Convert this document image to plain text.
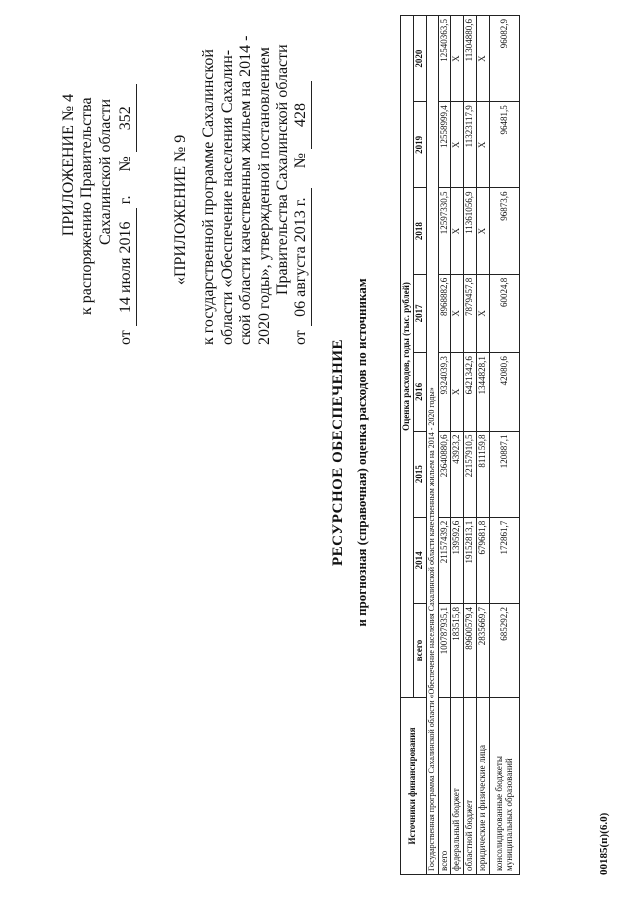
ПРИЛОЖЕНИЕ № 4 к распоряжению Правительства Сахалинской области
от 14 июля 2016 г.      № 352
«ПРИЛОЖЕНИЕ № 9 к государственной программе Сахалинской области «Обеспечение населения Сахалин- ской области качественным жильем на 2014 - 2020 годы», утвержденной постановлением Правительства Сахалинской области
от 06 августа 2013 г.     № 428
РЕСУРСНОЕ ОБЕСПЕЧЕНИЕ и прогнозная (справочная) оценка расходов по источникам
Источники финансирования	Оценка расходов, годы (тыс. рублей)							
	всего	2014	2015	2016	2017	2018	2019	2020
Государственная программа Сахалинской области «Обеспечение населения Сахалинской области качественным жильем на 2014 - 2020 годы»								
всего	100787935,1	21157439,2	23640880,6	9324039,3	8968882,6	12597330,5	12558999,4	12540363,5
федеральный бюджет	183515,8	139592,6	43923,2	X	X	X	X	X
областной бюджет	89600579,4	19152813,1	22157910,5	6421342,6	7879457,8	11361056,9	11323117,9	11304880,6
юридические и физические лица	2835669,7	679681,8	811159,8	1344828,1	X	X	X	X
консолидированные бюджеты муниципальных образований	685292,2	172861,7	120887,1	42080,6	60024,8	96873,6	96481,5	96082,9
00185(п)(6.0)
